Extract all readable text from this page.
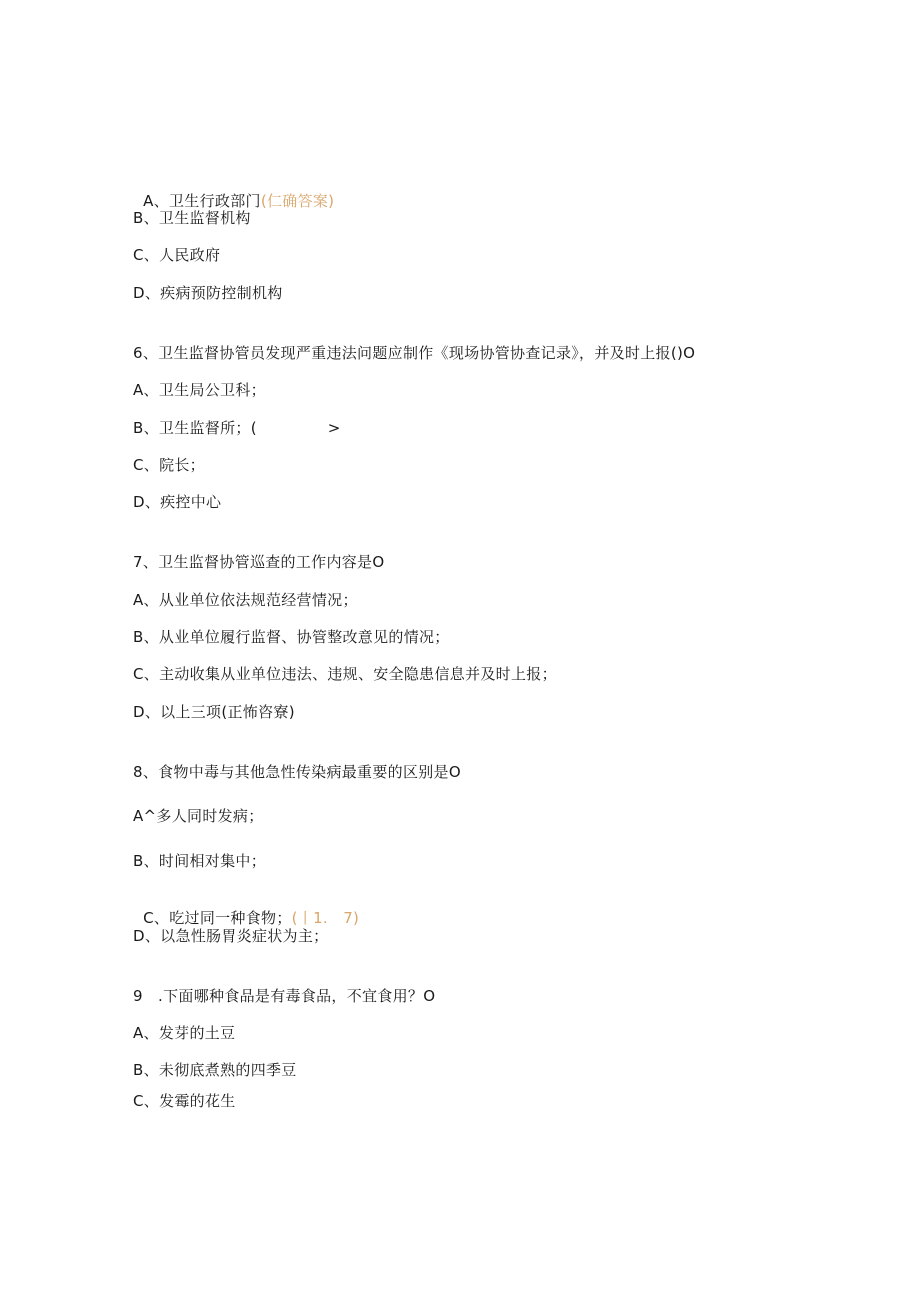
A、卫生行政部门(仁确答案)

B、卫生监督机构
C、人民政府
D、疾病预防控制机构
6、卫生监督协管员发现严重违法问题应制作《现场协管协查记录》，并及时上报()O
A、卫生局公卫科；
B、卫生监督所；(              >
C、院长；
D、疾控中心
7、卫生监督协管巡查的工作内容是O
A、从业单位依法规范经营情况；
B、从业单位履行监督、协管整改意见的情况；
C、主动收集从业单位违法、违规、安全隐患信息并及时上报；
D、以上三项(正怖咨寮)
8、食物中毒与其他急性传染病最重要的区别是O
A^多人同时发病；
B、时间相对集中；

C、吃过同一种食物；(丨1.   7)

D、以急性肠胃炎症状为主；
9   .下面哪种食品是有毒食品，不宜食用？O
A、发芽的土豆
B、未彻底煮熟的四季豆
C、发霉的花生
